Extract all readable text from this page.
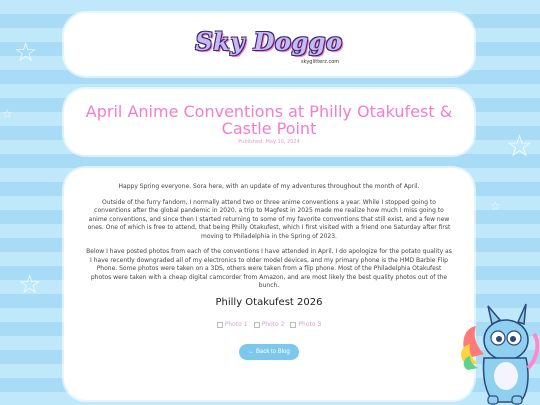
☆
☆
☆
☆
☆
Sky Doggo
skyglitterz.com
April Anime Conventions at Philly Otakufest & Castle Point
Published: May 10, 2024

Happy Spring everyone. Sora here, with an update of my adventures throughout the month of April.

Outside of the furry fandom, I normally attend two or three anime conventions a year. While I stopped going to conventions after the global pandemic in 2020, a trip to Magfest in 2025 made me realize how much I miss going to anime conventions, and since then I started returning to some of my favorite conventions that still exist, and a few new ones. One of which is free to attend, that being Philly Otakufest, which I first visited with a friend one Saturday after first moving to Philadelphia in the Spring of 2023.

Below I have posted photos from each of the conventions I have attended in April. I do apologize for the potato quality as I have recently downgraded all of my electronics to older model devices, and my primary phone is the HMD Barbie Flip Phone. Some photos were taken on a 3DS, others were taken from a flip phone. Most of the Philadelphia Otakufest photos were taken with a cheap digital camcorder from Amazon, and are most likely the best quality photos out of the bunch.

Philly Otakufest 2026
Photo 1 Photo 2 Photo 3
← Back to Blog
